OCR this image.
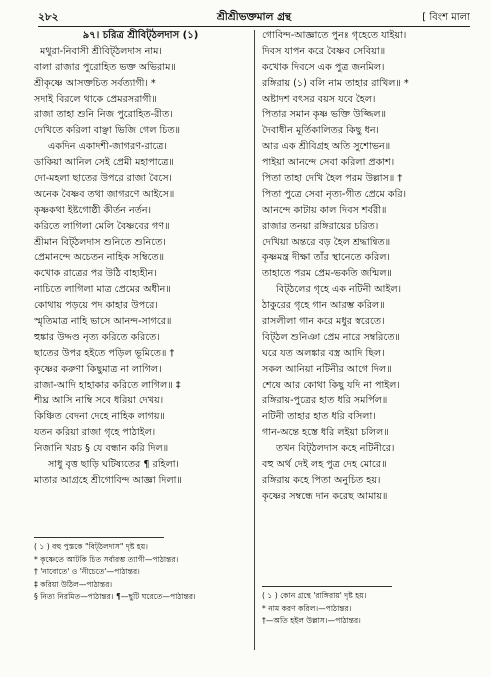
২৮২	শ্রীশ্রীভক্তমাল গ্রন্থ	[ বিংশ মালা
৯৭। চরিত্র শ্রীবিট্‌ঠলদাস (১)
মথুরা-নিবাসী শ্রীবিট্‌ঠলদাস নাম।
বালা রাজার পুরোহিত ভক্ত অভিরাম॥
শ্রীকৃষ্ণে আসক্তচিত সর্বত্যাগী। *
সদাই বিরলে থাকে প্রেমরসরাগী॥
রাজা তাহা শুনি নিজ পুরোহিত-রীত।
দেখিতে করিলা বাঞ্ছা ভিজি গেল চিত॥
একদিন একাদশী-জাগরণ-রাত্রে।
ডাকিয়া আনিল সেই প্রেমী মহাপাত্রে॥
দো-মহলা ছাতের উপরে রাজা বৈসে।
অনেক বৈষ্ণব তথা জাগরণে আইসে॥
কৃষ্ণকথা ইষ্টগোষ্ঠী কীর্তন নর্তন।
করিতে লাগিলা মেলি বৈষ্ণবের গণ॥
শ্রীমান বিট্‌ঠলদাস শুনিতে শুনিতে।
প্রেমানন্দে অচেতন নাহিক সম্বিতে॥
কখোক রাত্রের পর উঠি বাহ্যহীন।
নাচিতে লাগিলা মাত্র প্রেমের অধীন॥
কোথায় পড়য়ে পদ কাহার উপরে।
স্মৃতিমাত্র নাহি ভাসে আনন্দ-সাগরে॥
হুঙ্কার উদ্দণ্ড নৃত্য করিতে করিতে।
ছাতের উপর হইতে পড়িল ভূমিতে॥ †
কৃষ্ণের করুণা কিছুমাত্র না লাগিল।
রাজা-আদি হাহাকার করিতে লাগিল॥ ‡
শীঘ্র আসি নাম্বি সবে ধরিয়া দেখয়।
কিঞ্চিত বেদনা দেহে নাহিক লাগয়॥
যতন করিয়া রাজা গৃহে পাঠাইল।
নিজানি খরচ § যে বন্ধান করি দিল॥
সাধু বৃত্ত ছাড়ি ঘটিষ্যতের ¶ রহিলা।
মাতার আগ্রহে শ্রীগোবিন্দ আজ্ঞা দিলা॥
গোবিন্দ-আজ্ঞাতে পুনঃ গৃহেতে যাইয়া।
দিবস যাপন করে বৈষ্ণব সেবিয়া॥
কখোক দিবসে এক পুত্র জনমিল।
রঙ্গিরায় (১) বলি নাম তাহার রাখিল॥ *
অষ্টাদশ বৎসর বয়স যবে হৈল।
পিতার সমান কৃষ্ণ ভক্তি উজ্জিল॥
দৈবাধীন মূর্তিকালিতর কিছু ধন।
আর এক শ্রীবিগ্রহ অতি সুশোভন॥
পাইয়া আনন্দে সেবা করিলা প্রকাশ।
পিতা তাহা দেখি হৈল পরম উল্লাস॥ †
পিতা পুত্রে সেবা নৃত্য-গীত প্রেমে করি।
আনন্দে কাটায় কাল দিবস শর্বরী॥
রাজার তনয়া রঙ্গিরায়ের চরিত।
দেখিয়া অন্তরে বড় হৈল শ্রদ্ধান্বিত॥
কৃষ্ণমন্ত্র দীক্ষা তাঁর স্থানেতে করিল।
তাহাতে পরম প্রেম-ভকতি জন্মিল॥
বিট্‌ঠলের গৃহে এক নটিনী আইল।
ঠাকুরের গৃহে গান আরম্ভ করিল॥
রাসলীলা গান করে মধুর স্বরেতে।
বিট্‌ঠল শুনিঞা প্রেম নারে সম্বরিতে॥
ঘরে যত অলঙ্কার বস্ত্র আদি ছিল।
সকল আনিয়া নটিনীর আগে দিল॥
শেষে আর কোথা কিছু যদি না পাইল।
রঙ্গিরায়-পুত্রের হাত ধরি সমর্পিল॥
নটিনী তাহার হাত ধরি বসিলা।
গান-অন্তে হস্তে ধরি লইয়া চলিল॥
তখন বিট্‌ঠলদাস কহে নটিনীরে।
বহু অর্থ দেই লহ পুত্র দেহ মোরে॥
রঙ্গিরায় কহে পিতা অনুচিত হয়।
কৃষ্ণের সম্বন্ধে দান করেছ আমায়॥
( ১ ) বহু পুস্তকে "বিট্‌ঠলদাস" দৃষ্ট হয়।
* কৃষ্ণেতে আটকি চিত সর্বারম্ভ ত্যাগী—পাঠান্তর।
† 'নাবোতে' ও 'নীচেতে'—পাঠান্তর।
‡ করিয়া উঠিল—পাঠান্তর।
§ নিত্য নিরমিত—পাঠান্তর। ¶—ছুটি ঘরেতে—পাঠান্তর।	( ১ ) কোন গ্রন্থে 'রাঙ্গিরায়' দৃষ্ট হয়।
* নাম করণ করিল।—পাঠান্তর।
†—অতি হইল উল্লাস।—পাঠান্তর।
